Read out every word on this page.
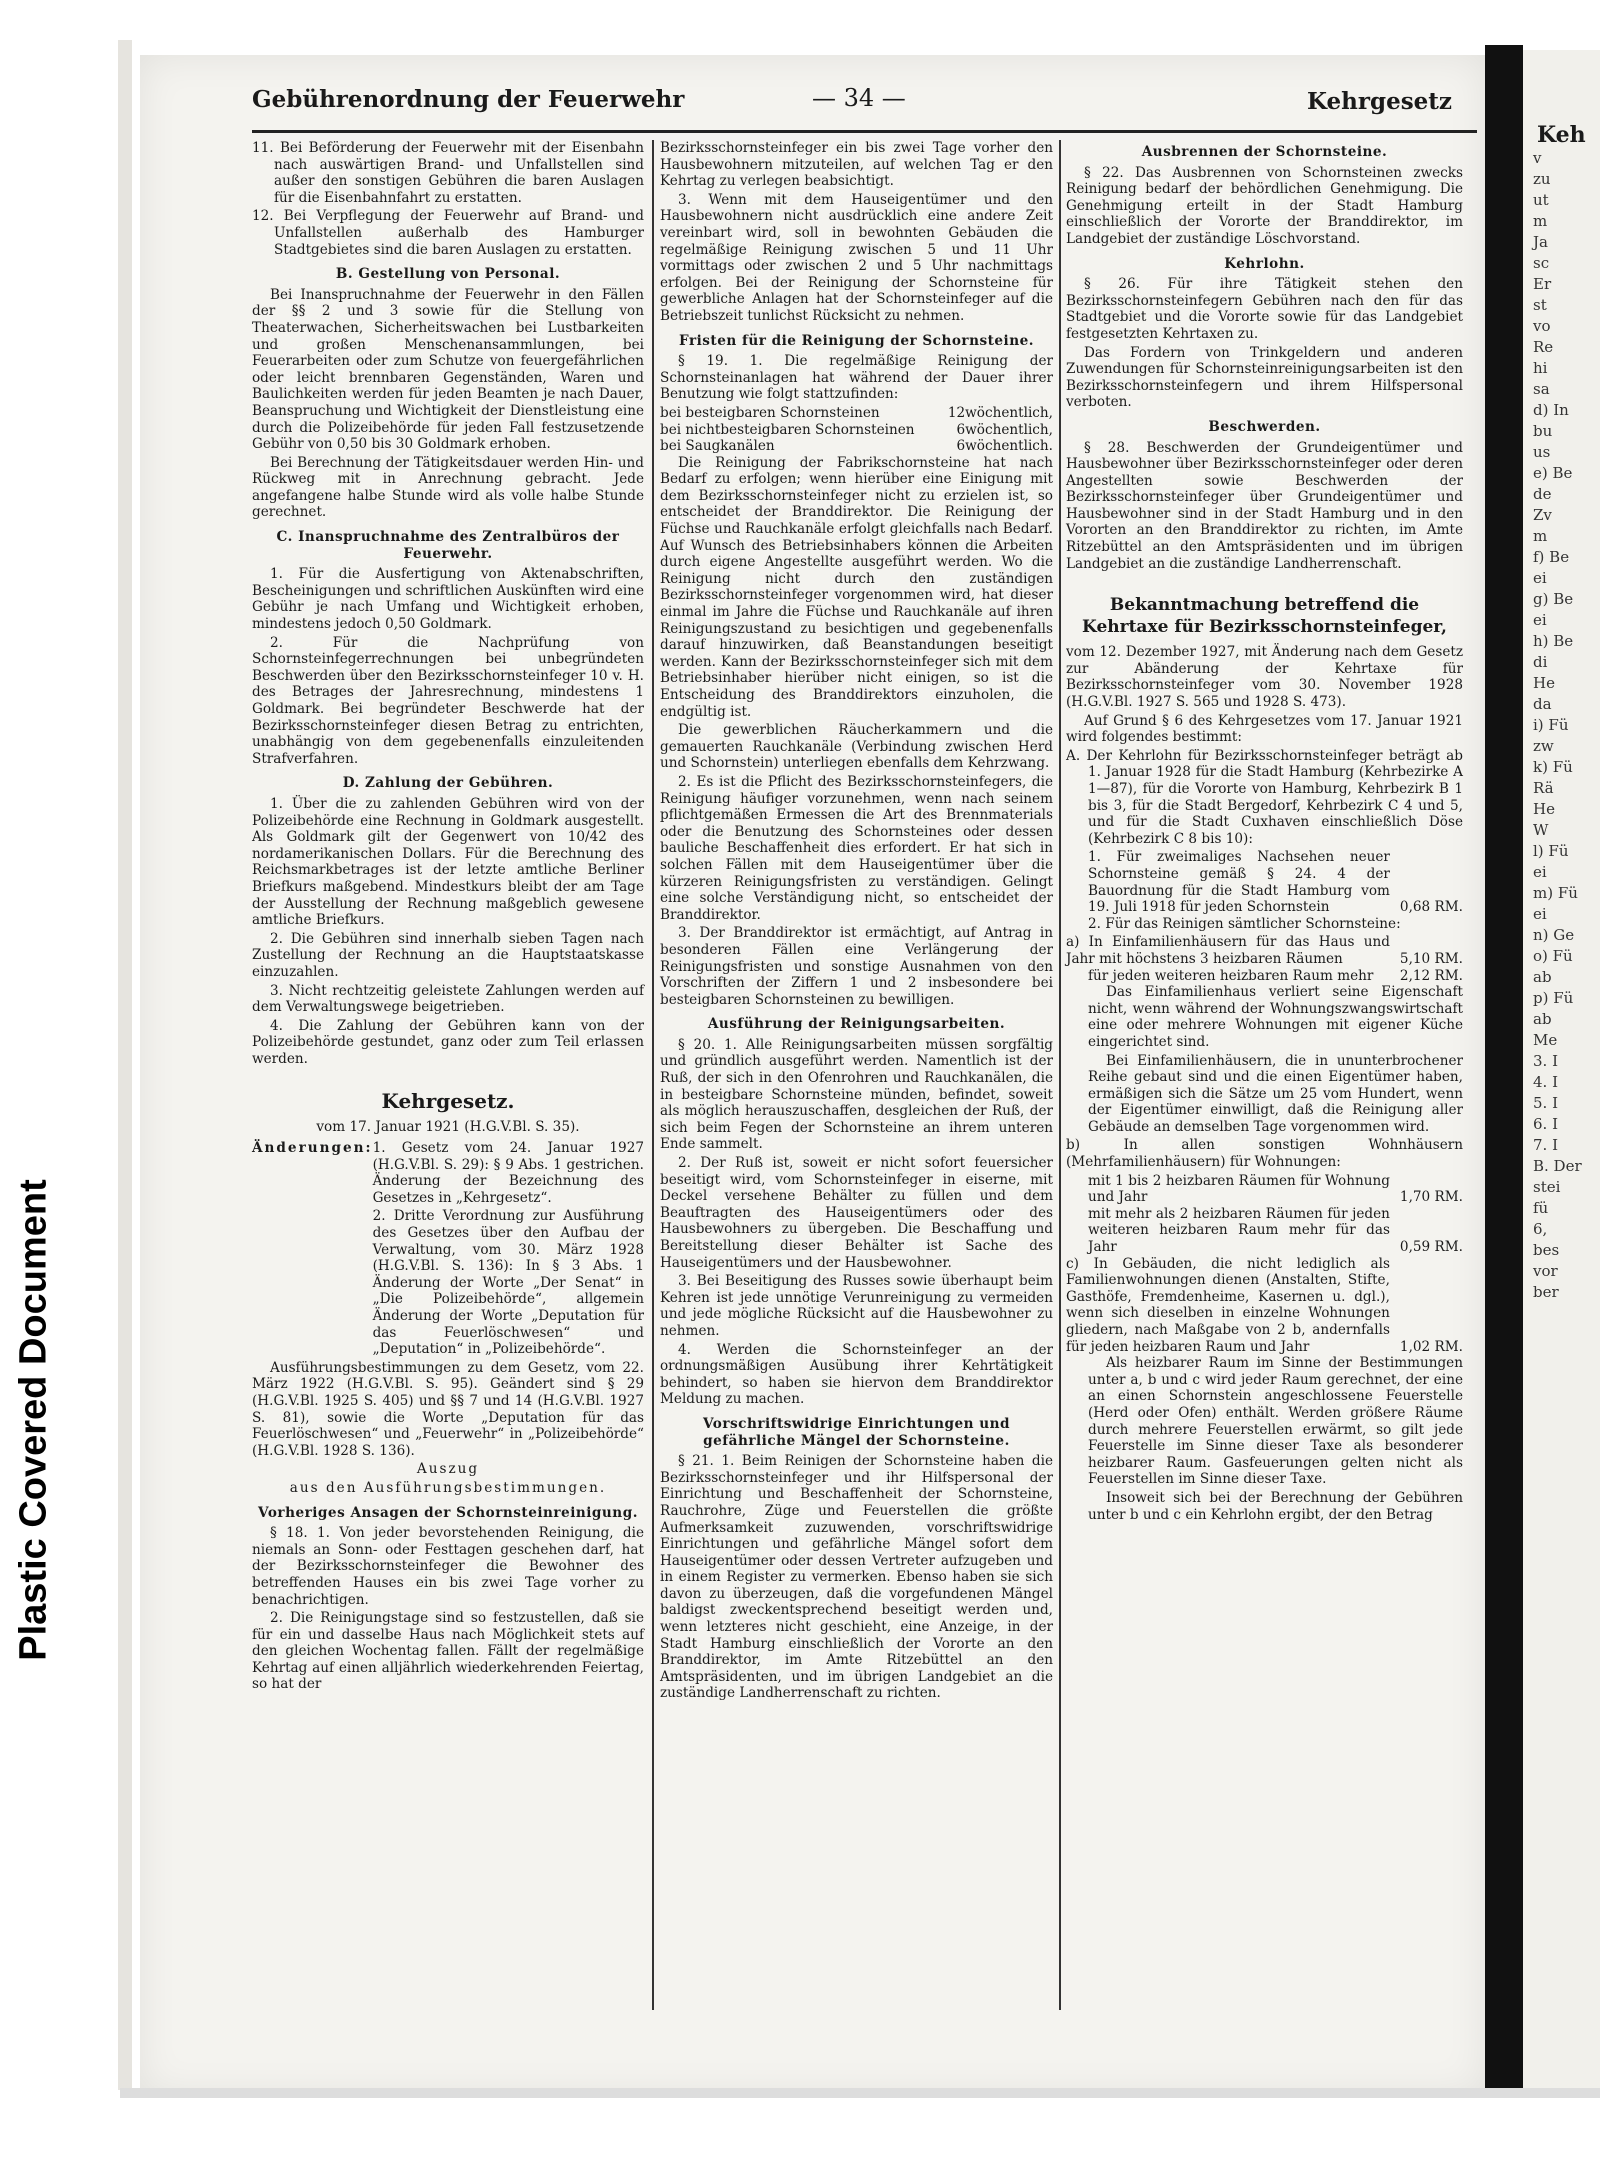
Plastic Covered Document
Keh
v
zu
ut
m
Ja
sc
Er
st
vo
Re
hi
sa
d) In
bu
us
e) Be
de
Zv
m
f) Be
ei
g) Be
ei
h) Be
di
He
da
i) Fü
zw
k) Fü
Rä
He
W
l) Fü
ei
m) Fü
ei
n) Ge
o) Fü
ab
p) Fü
ab
Me
3. I
4. I
5. I
6. I
7. I
B. Der
stei
fü
6,
bes
vor
ber
Gebührenordnung der Feuerwehr	— 34 —	Kehrgesetz

11. Bei Beförderung der Feuerwehr mit der Eisenbahn nach auswärtigen Brand- und Unfallstellen sind außer den sonstigen Gebühren die baren Auslagen für die Eisenbahnfahrt zu erstatten.

12. Bei Verpflegung der Feuerwehr auf Brand- und Unfallstellen außerhalb des Hamburger Stadtgebietes sind die baren Auslagen zu erstatten.

B. Gestellung von Personal.

Bei Inanspruchnahme der Feuerwehr in den Fällen der §§ 2 und 3 sowie für die Stellung von Theaterwachen, Sicherheitswachen bei Lustbarkeiten und großen Menschenansammlungen, bei Feuerarbeiten oder zum Schutze von feuergefährlichen oder leicht brennbaren Gegenständen, Waren und Baulichkeiten werden für jeden Beamten je nach Dauer, Beanspruchung und Wichtigkeit der Dienstleistung eine durch die Polizeibehörde für jeden Fall festzusetzende Gebühr von 0,50 bis 30 Goldmark erhoben.

Bei Berechnung der Tätigkeitsdauer werden Hin- und Rückweg mit in Anrechnung gebracht. Jede angefangene halbe Stunde wird als volle halbe Stunde gerechnet.

C. Inanspruchnahme des Zentralbüros der Feuerwehr.

1. Für die Ausfertigung von Aktenabschriften, Bescheinigungen und schriftlichen Auskünften wird eine Gebühr je nach Umfang und Wichtigkeit erhoben, mindestens jedoch 0,50 Goldmark.

2. Für die Nachprüfung von Schornsteinfegerrechnungen bei unbegründeten Beschwerden über den Bezirksschornsteinfeger 10 v. H. des Betrages der Jahresrechnung, mindestens 1 Goldmark. Bei begründeter Beschwerde hat der Bezirksschornsteinfeger diesen Betrag zu entrichten, unabhängig von dem gegebenenfalls einzuleitenden Strafverfahren.

D. Zahlung der Gebühren.

1. Über die zu zahlenden Gebühren wird von der Polizeibehörde eine Rechnung in Goldmark ausgestellt. Als Goldmark gilt der Gegenwert von 10/42 des nordamerikanischen Dollars. Für die Berechnung des Reichsmarkbetrages ist der letzte amtliche Berliner Briefkurs maßgebend. Mindestkurs bleibt der am Tage der Ausstellung der Rechnung maßgeblich gewesene amtliche Briefkurs.

2. Die Gebühren sind innerhalb sieben Tagen nach Zustellung der Rechnung an die Hauptstaatskasse einzuzahlen.

3. Nicht rechtzeitig geleistete Zahlungen werden auf dem Verwaltungswege beigetrieben.

4. Die Zahlung der Gebühren kann von der Polizeibehörde gestundet, ganz oder zum Teil erlassen werden.

Kehrgesetz.

vom 17. Januar 1921 (H.G.V.Bl. S. 35).

Änderungen: 1. Gesetz vom 24. Januar 1927 (H.G.V.Bl. S. 29): § 9 Abs. 1 gestrichen. Änderung der Bezeichnung des Gesetzes in „Kehrgesetz“.

2. Dritte Verordnung zur Ausführung des Gesetzes über den Aufbau der Verwaltung, vom 30. März 1928 (H.G.V.Bl. S. 136): In § 3 Abs. 1 Änderung der Worte „Der Senat“ in „Die Polizeibehörde“, allgemein Änderung der Worte „Deputation für das Feuerlöschwesen“ und „Deputation“ in „Polizeibehörde“.

Ausführungsbestimmungen zu dem Gesetz, vom 22. März 1922 (H.G.V.Bl. S. 95). Geändert sind § 29 (H.G.V.Bl. 1925 S. 405) und §§ 7 und 14 (H.G.V.Bl. 1927 S. 81), sowie die Worte „Deputation für das Feuerlöschwesen“ und „Feuerwehr“ in „Polizeibehörde“ (H.G.V.Bl. 1928 S. 136).

Auszug

aus den Ausführungsbestimmungen.

Vorheriges Ansagen der Schornsteinreinigung.

§ 18. 1. Von jeder bevorstehenden Reinigung, die niemals an Sonn- oder Festtagen geschehen darf, hat der Bezirksschornsteinfeger die Bewohner des betreffenden Hauses ein bis zwei Tage vorher zu benachrichtigen.

2. Die Reinigungstage sind so festzustellen, daß sie für ein und dasselbe Haus nach Möglichkeit stets auf den gleichen Wochentag fallen. Fällt der regelmäßige Kehrtag auf einen alljährlich wiederkehrenden Feiertag, so hat der

Bezirksschornsteinfeger ein bis zwei Tage vorher den Hausbewohnern mitzuteilen, auf welchen Tag er den Kehrtag zu verlegen beabsichtigt.

3. Wenn mit dem Hauseigentümer und den Hausbewohnern nicht ausdrücklich eine andere Zeit vereinbart wird, soll in bewohnten Gebäuden die regelmäßige Reinigung zwischen 5 und 11 Uhr vormittags oder zwischen 2 und 5 Uhr nachmittags erfolgen. Bei der Reinigung der Schornsteine für gewerbliche Anlagen hat der Schornsteinfeger auf die Betriebszeit tunlichst Rücksicht zu nehmen.

Fristen für die Reinigung der Schornsteine.

§ 19. 1. Die regelmäßige Reinigung der Schornsteinanlagen hat während der Dauer ihrer Benutzung wie folgt stattzufinden:

bei besteigbaren Schornsteinen	12wöchentlich,
bei nichtbesteigbaren Schornsteinen	6wöchentlich,
bei Saugkanälen	6wöchentlich.

Die Reinigung der Fabrikschornsteine hat nach Bedarf zu erfolgen; wenn hierüber eine Einigung mit dem Bezirksschornsteinfeger nicht zu erzielen ist, so entscheidet der Branddirektor. Die Reinigung der Füchse und Rauchkanäle erfolgt gleichfalls nach Bedarf. Auf Wunsch des Betriebsinhabers können die Arbeiten durch eigene Angestellte ausgeführt werden. Wo die Reinigung nicht durch den zuständigen Bezirksschornsteinfeger vorgenommen wird, hat dieser einmal im Jahre die Füchse und Rauchkanäle auf ihren Reinigungszustand zu besichtigen und gegebenenfalls darauf hinzuwirken, daß Beanstandungen beseitigt werden. Kann der Bezirksschornsteinfeger sich mit dem Betriebsinhaber hierüber nicht einigen, so ist die Entscheidung des Branddirektors einzuholen, die endgültig ist.

Die gewerblichen Räucherkammern und die gemauerten Rauchkanäle (Verbindung zwischen Herd und Schornstein) unterliegen ebenfalls dem Kehrzwang.

2. Es ist die Pflicht des Bezirksschornsteinfegers, die Reinigung häufiger vorzunehmen, wenn nach seinem pflichtgemäßen Ermessen die Art des Brennmaterials oder die Benutzung des Schornsteines oder dessen bauliche Beschaffenheit dies erfordert. Er hat sich in solchen Fällen mit dem Hauseigentümer über die kürzeren Reinigungsfristen zu verständigen. Gelingt eine solche Verständigung nicht, so entscheidet der Branddirektor.

3. Der Branddirektor ist ermächtigt, auf Antrag in besonderen Fällen eine Verlängerung der Reinigungsfristen und sonstige Ausnahmen von den Vorschriften der Ziffern 1 und 2 insbesondere bei besteigbaren Schornsteinen zu bewilligen.

Ausführung der Reinigungsarbeiten.

§ 20. 1. Alle Reinigungsarbeiten müssen sorgfältig und gründlich ausgeführt werden. Namentlich ist der Ruß, der sich in den Ofenrohren und Rauchkanälen, die in besteigbare Schornsteine münden, befindet, soweit als möglich herauszuschaffen, desgleichen der Ruß, der sich beim Fegen der Schornsteine an ihrem unteren Ende sammelt.

2. Der Ruß ist, soweit er nicht sofort feuersicher beseitigt wird, vom Schornsteinfeger in eiserne, mit Deckel versehene Behälter zu füllen und dem Beauftragten des Hauseigentümers oder des Hausbewohners zu übergeben. Die Beschaffung und Bereitstellung dieser Behälter ist Sache des Hauseigentümers und der Hausbewohner.

3. Bei Beseitigung des Russes sowie überhaupt beim Kehren ist jede unnötige Verunreinigung zu vermeiden und jede mögliche Rücksicht auf die Hausbewohner zu nehmen.

4. Werden die Schornsteinfeger an der ordnungsmäßigen Ausübung ihrer Kehrtätigkeit behindert, so haben sie hiervon dem Branddirektor Meldung zu machen.

Vorschriftswidrige Einrichtungen und gefährliche Mängel der Schornsteine.

§ 21. 1. Beim Reinigen der Schornsteine haben die Bezirksschornsteinfeger und ihr Hilfspersonal der Einrichtung und Beschaffenheit der Schornsteine, Rauchrohre, Züge und Feuerstellen die größte Aufmerksamkeit zuzuwenden, vorschriftswidrige Einrichtungen und gefährliche Mängel sofort dem Hauseigentümer oder dessen Vertreter aufzugeben und in einem Register zu vermerken. Ebenso haben sie sich davon zu überzeugen, daß die vorgefundenen Mängel baldigst zweckentsprechend beseitigt werden und, wenn letzteres nicht geschieht, eine Anzeige, in der Stadt Hamburg einschließlich der Vororte an den Branddirektor, im Amte Ritzebüttel an den Amtspräsidenten, und im übrigen Landgebiet an die zuständige Landherrenschaft zu richten.

Ausbrennen der Schornsteine.

§ 22. Das Ausbrennen von Schornsteinen zwecks Reinigung bedarf der behördlichen Genehmigung. Die Genehmigung erteilt in der Stadt Hamburg einschließlich der Vororte der Branddirektor, im Landgebiet der zuständige Löschvorstand.

Kehrlohn.

§ 26. Für ihre Tätigkeit stehen den Bezirksschornsteinfegern Gebühren nach den für das Stadtgebiet und die Vororte sowie für das Landgebiet festgesetzten Kehrtaxen zu.

Das Fordern von Trinkgeldern und anderen Zuwendungen für Schornsteinreinigungsarbeiten ist den Bezirksschornsteinfegern und ihrem Hilfspersonal verboten.

Beschwerden.

§ 28. Beschwerden der Grundeigentümer und Hausbewohner über Bezirksschornsteinfeger oder deren Angestellten sowie Beschwerden der Bezirksschornsteinfeger über Grundeigentümer und Hausbewohner sind in der Stadt Hamburg und in den Vororten an den Branddirektor zu richten, im Amte Ritzebüttel an den Amtspräsidenten und im übrigen Landgebiet an die zuständige Landherrenschaft.

Bekanntmachung betreffend die Kehrtaxe für Bezirksschornsteinfeger,

vom 12. Dezember 1927, mit Änderung nach dem Gesetz zur Abänderung der Kehrtaxe für Bezirksschornsteinfeger vom 30. November 1928 (H.G.V.Bl. 1927 S. 565 und 1928 S. 473).

Auf Grund § 6 des Kehrgesetzes vom 17. Januar 1921 wird folgendes bestimmt:

A. Der Kehrlohn für Bezirksschornsteinfeger beträgt ab 1. Januar 1928 für die Stadt Hamburg (Kehrbezirke A 1—87), für die Vororte von Hamburg, Kehrbezirk B 1 bis 3, für die Stadt Bergedorf, Kehrbezirk C 4 und 5, und für die Stadt Cuxhaven einschließlich Döse (Kehrbezirk C 8 bis 10):

1. Für zweimaliges Nachsehen neuer Schornsteine gemäß § 24. 4 der Bauordnung für die Stadt Hamburg vom 19. Juli 1918 für jeden Schornstein	0,68 RM.

2. Für das Reinigen sämtlicher Schornsteine:

a) In Einfamilienhäusern für das Haus und Jahr mit höchstens 3 heizbaren Räumen	5,10 RM.
für jeden weiteren heizbaren Raum mehr 2,12 RM.

Das Einfamilienhaus verliert seine Eigenschaft nicht, wenn während der Wohnungszwangswirtschaft eine oder mehrere Wohnungen mit eigener Küche eingerichtet sind.

Bei Einfamilienhäusern, die in ununterbrochener Reihe gebaut sind und die einen Eigentümer haben, ermäßigen sich die Sätze um 25 vom Hundert, wenn der Eigentümer einwilligt, daß die Reinigung aller Gebäude an demselben Tage vorgenommen wird.

b) In allen sonstigen Wohnhäusern (Mehrfamilienhäusern) für Wohnungen:

mit 1 bis 2 heizbaren Räumen für Wohnung und Jahr	1,70 RM.
mit mehr als 2 heizbaren Räumen für jeden weiteren heizbaren Raum mehr für das Jahr	0,59 RM.
c) In Gebäuden, die nicht lediglich als Familienwohnungen dienen (Anstalten, Stifte, Gasthöfe, Fremdenheime, Kasernen u. dgl.), wenn sich dieselben in einzelne Wohnungen gliedern, nach Maßgabe von 2 b, andernfalls für jeden heizbaren Raum und Jahr	1,02 RM.

Als heizbarer Raum im Sinne der Bestimmungen unter a, b und c wird jeder Raum gerechnet, der eine an einen Schornstein angeschlossene Feuerstelle (Herd oder Ofen) enthält. Werden größere Räume durch mehrere Feuerstellen erwärmt, so gilt jede Feuerstelle im Sinne dieser Taxe als besonderer heizbarer Raum. Gasfeuerungen gelten nicht als Feuerstellen im Sinne dieser Taxe.

Insoweit sich bei der Berechnung der Gebühren unter b und c ein Kehrlohn ergibt, der den Betrag
